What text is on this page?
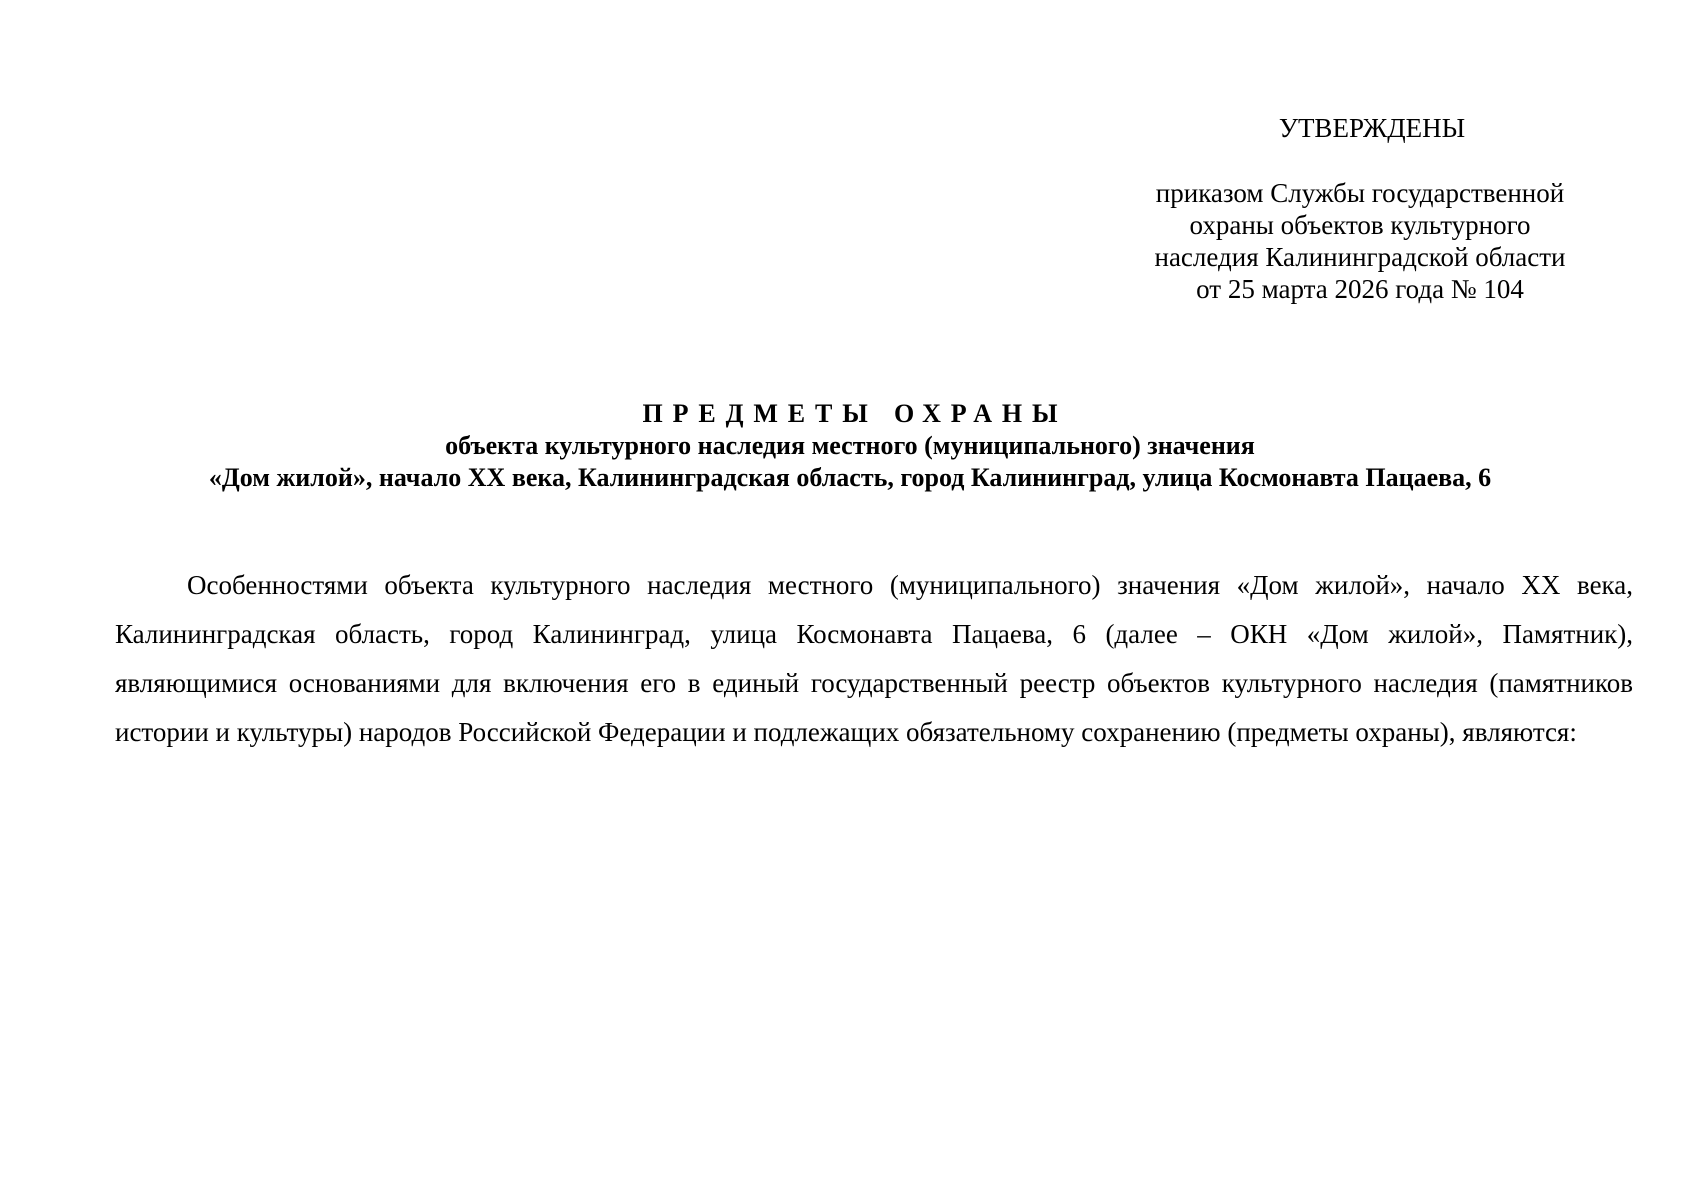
УТВЕРЖДЕНЫ
приказом Службы государственной
охраны объектов культурного
наследия Калининградской области
от 25 марта 2026 года № 104
ПРЕДМЕТЫ ОХРАНЫ
объекта культурного наследия местного (муниципального) значения
«Дом жилой», начало XX века, Калининградская область, город Калининград, улица Космонавта Пацаева, 6

Особенностями объекта культурного наследия местного (муниципального) значения «Дом жилой», начало XX века, Калининградская область, город Калининград, улица Космонавта Пацаева, 6 (далее – ОКН «Дом жилой», Памятник), являющимися основаниями для включения его в единый государственный реестр объектов культурного наследия (памятников истории и культуры) народов Российской Федерации и подлежащих обязательному сохранению (предметы охраны), являются:
